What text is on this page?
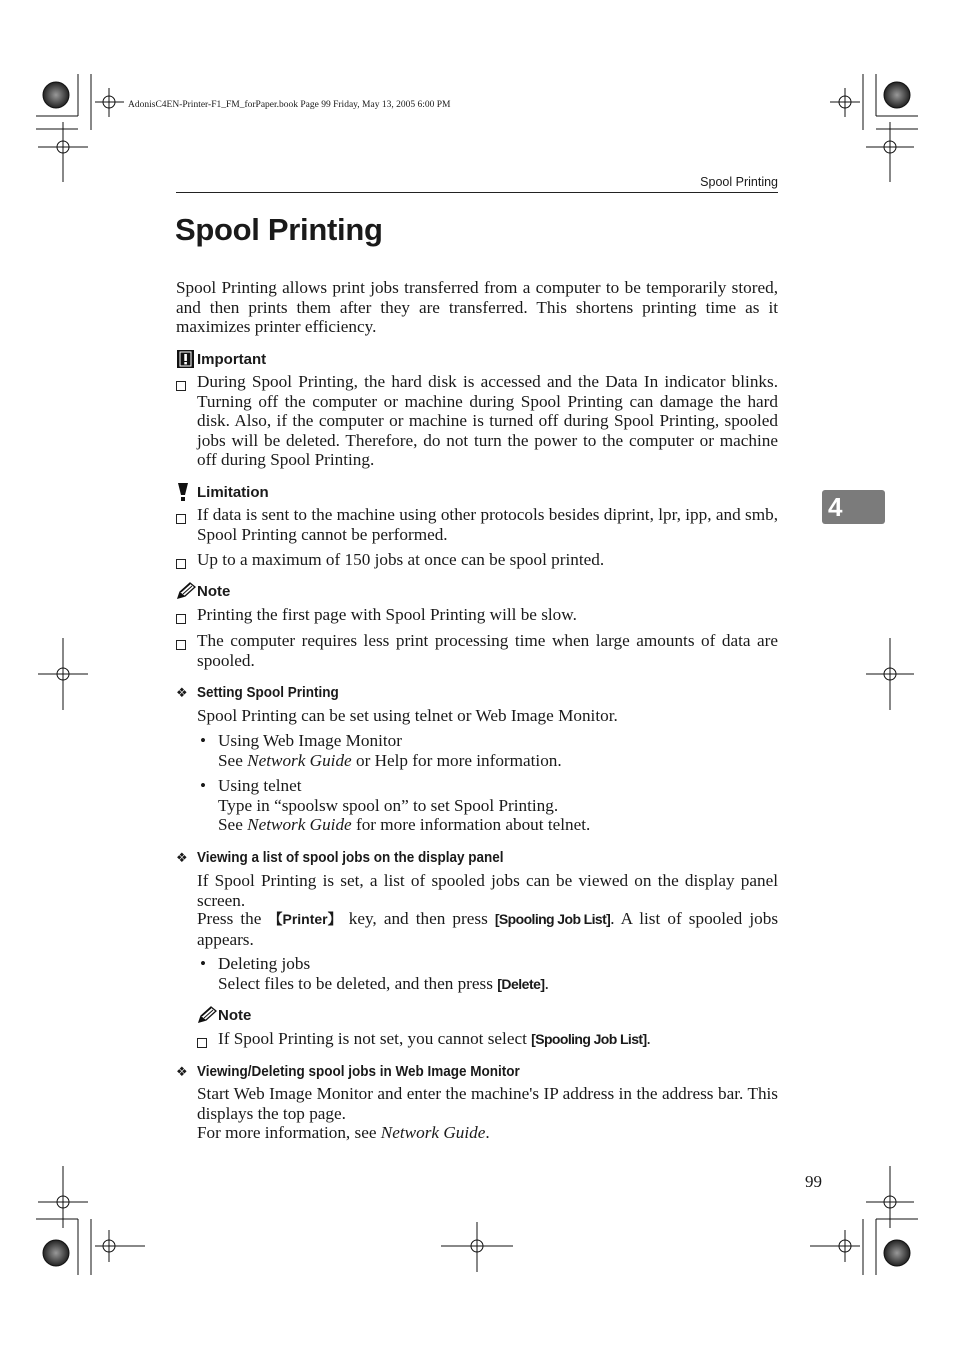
AdonisC4EN-Printer-F1_FM_forPaper.book Page 99 Friday, May 13, 2005 6:00 PM
Spool Printing
Spool Printing
Spool Printing allows print jobs transferred from a computer to be temporarily stored, and then prints them after they are transferred. This shortens printing time as it maximizes printer efficiency.
Important
During Spool Printing, the hard disk is accessed and the Data In indicator blinks. Turning off the computer or machine during Spool Printing can damage the hard disk. Also, if the computer or machine is turned off during Spool Printing, spooled jobs will be deleted. Therefore, do not turn the power to the computer or machine off during Spool Printing.
Limitation
If data is sent to the machine using other protocols besides diprint, lpr, ipp, and smb, Spool Printing cannot be performed.
Up to a maximum of 150 jobs at once can be spool printed.
Note
Printing the first page with Spool Printing will be slow.
The computer requires less print processing time when large amounts of data are spooled.
❖ Setting Spool Printing
Spool Printing can be set using telnet or Web Image Monitor.
• Using Web Image Monitor
See Network Guide or Help for more information.
• Using telnet
Type in “spoolsw spool on” to set Spool Printing.
See Network Guide for more information about telnet.
❖ Viewing a list of spool jobs on the display panel
If Spool Printing is set, a list of spooled jobs can be viewed on the display panel screen.
Press the 【Printer】 key, and then press [Spooling Job List]. A list of spooled jobs appears.
• Deleting jobs
Select files to be deleted, and then press [Delete].
Note
If Spool Printing is not set, you cannot select [Spooling Job List].
❖ Viewing/Deleting spool jobs in Web Image Monitor
Start Web Image Monitor and enter the machine's IP address in the address bar. This displays the top page.
For more information, see Network Guide.
4
99
